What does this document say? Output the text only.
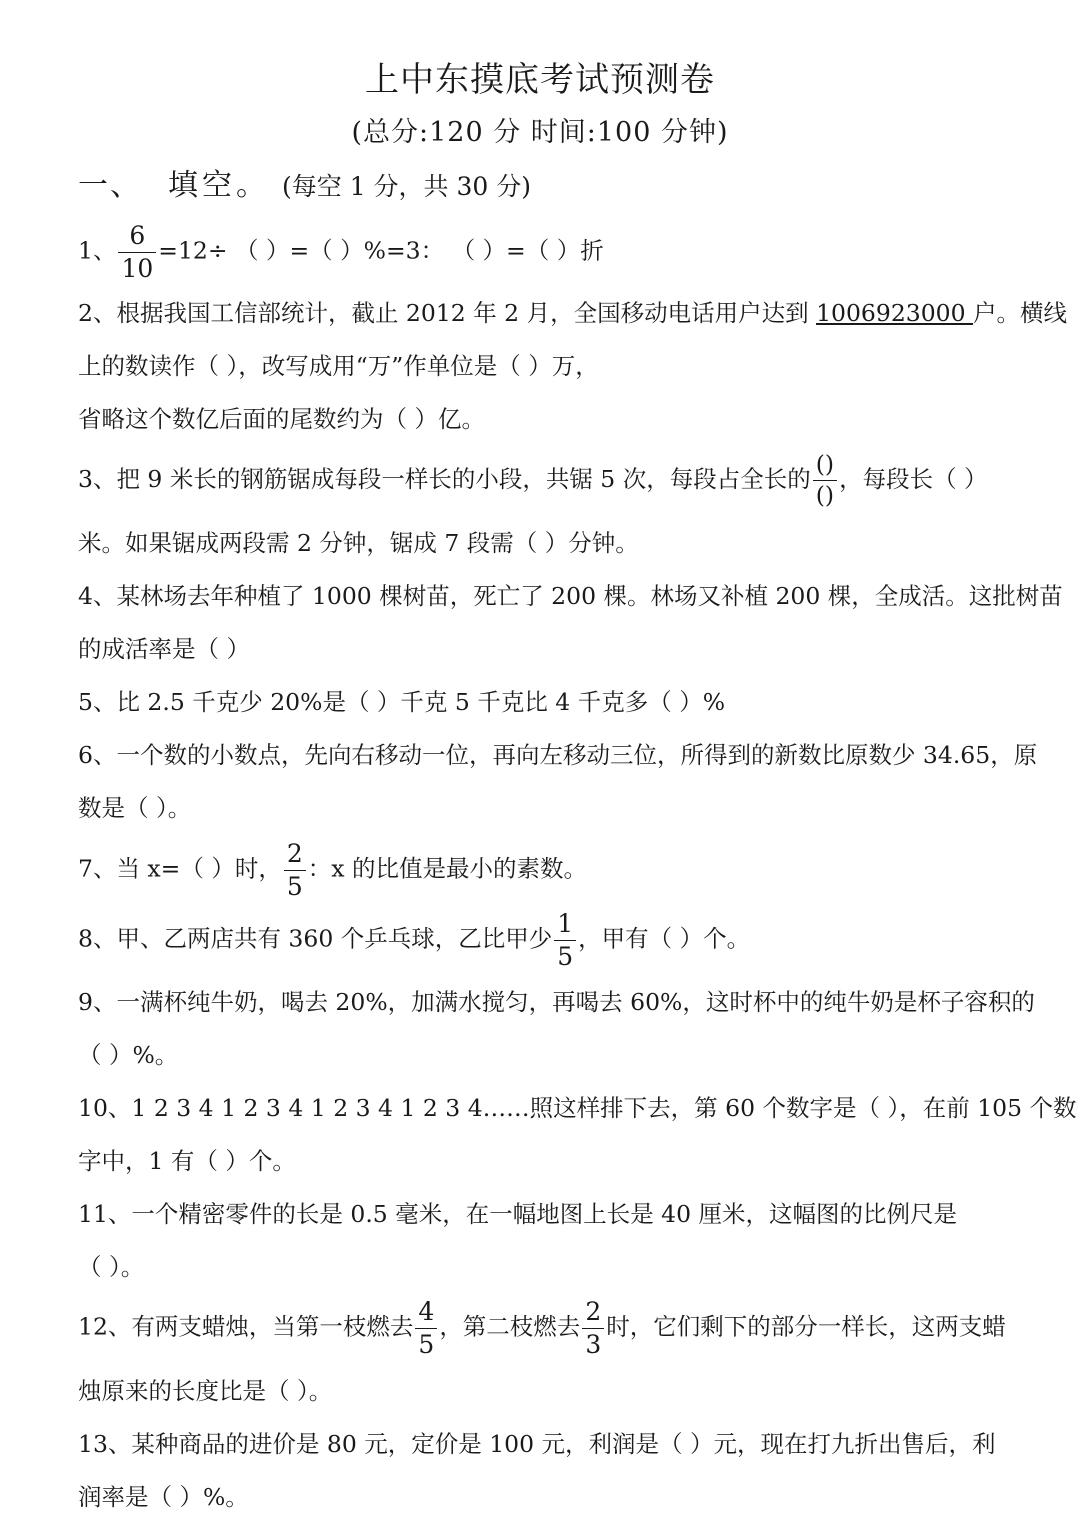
上中东摸底考试预测卷
(总分:120 分 时间:100 分钟)
一、 填空。 (每空 1 分，共 30 分)
1、 $\frac{6}{10} =12\div$ （ ）=（ ）%=3： （ ）=（ ）折
2、根据我国工信部统计，截止 2012 年 2 月，全国移动电话用户达到 1006923000 户。横线
上的数读作（ ），改写成用“万”作单位是（ ）万，
省略这个数亿后面的尾数约为（ ）亿。
3、把 9 米长的钢筋锯成每段一样长的小段，共锯 5 次，每段占全长的 $\frac{()}{()}$ ，每段长（ ）
米。如果锯成两段需 2 分钟，锯成 7 段需（ ）分钟。
4、某林场去年种植了 1000 棵树苗，死亡了 200 棵。林场又补植 200 棵，全成活。这批树苗
的成活率是（ ）
5、比 2.5 千克少 20%是（ ）千克 5 千克比 4 千克多（ ）%
6、一个数的小数点，先向右移动一位，再向左移动三位，所得到的新数比原数少 34.65，原
数是（ ）。
7、当 x=（ ）时， $\frac{2}{5}$ ：x 的比值是最小的素数。
8、甲、乙两店共有 360 个乒乓球，乙比甲少 $\frac{1}{5}$ ，甲有（ ）个。
9、一满杯纯牛奶，喝去 20%，加满水搅匀，再喝去 60%，这时杯中的纯牛奶是杯子容积的
（ ）%。
10、1 2 3 4 1 2 3 4 1 2 3 4 1 2 3 4……照这样排下去，第 60 个数字是（ ），在前 105 个数
字中，1 有（ ）个。
11、一个精密零件的长是 0.5 毫米，在一幅地图上长是 40 厘米，这幅图的比例尺是
（ ）。
12、有两支蜡烛，当第一枝燃去 $\frac{4}{5}$ ，第二枝燃去 $\frac{2}{3}$ 时，它们剩下的部分一样长，这两支蜡
烛原来的长度比是（ ）。
13、某种商品的进价是 80 元，定价是 100 元，利润是（ ）元，现在打九折出售后，利
润率是（ ）%。
